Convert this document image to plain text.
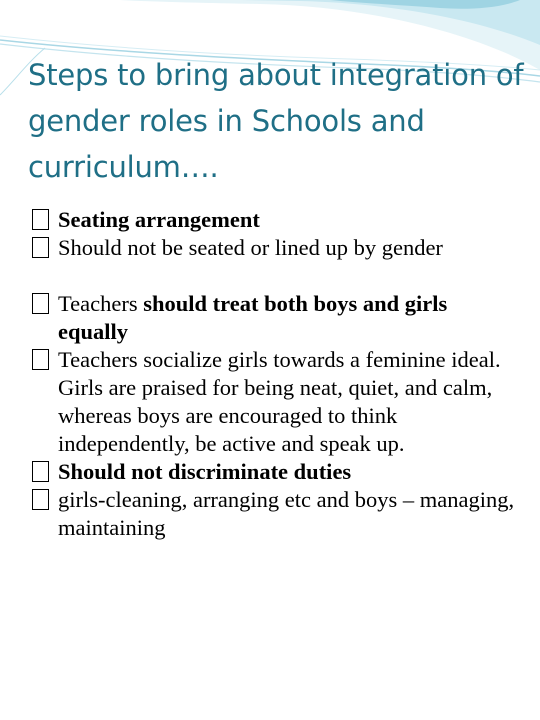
Steps to bring about integration of gender roles in Schools and curriculum….
Seating arrangement
Should not be seated or lined up by gender
Teachers should treat both boys and girls equally
Teachers socialize girls towards a feminine ideal. Girls are praised for being neat, quiet, and calm, whereas boys are encouraged to think independently, be active and speak up.
Should not discriminate duties
girls-cleaning, arranging etc and boys – managing, maintaining
